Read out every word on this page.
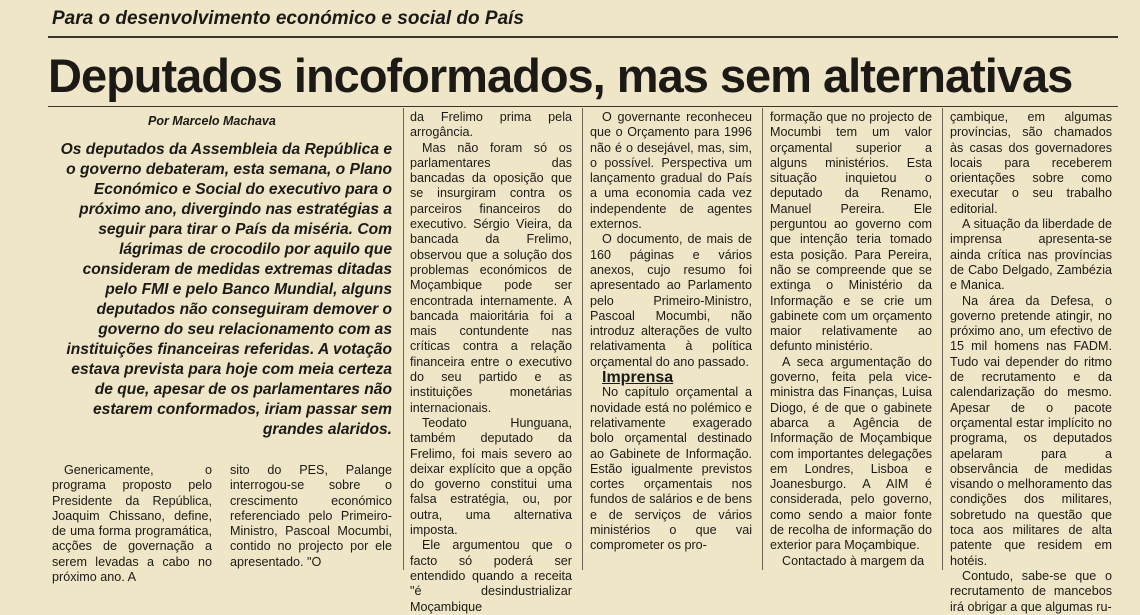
Para o desenvolvimento económico e social do País
Deputados incoformados, mas sem alternativas
Por Marcelo Machava
Os deputados da Assembleia da República e o governo debateram, esta semana, o Plano Económico e Social do executivo para o próximo ano, divergindo nas estratégias a seguir para tirar o País da miséria. Com lágrimas de crocodilo por aquilo que consideram de medidas extremas ditadas pelo FMI e pelo Banco Mundial, alguns deputados não conseguiram demover o governo do seu relacionamento com as instituições financeiras referidas. A votação estava prevista para hoje com meia certeza de que, apesar de os parlamentares não estarem conformados, iriam passar sem grandes alaridos.

Genericamente, o programa proposto pelo Presidente da República, Joaquim Chissano, define, de uma forma programática, acções de governação a serem levadas a cabo no próximo ano. A

sito do PES, Palange interrogou-se sobre o crescimento económico referenciado pelo Primeiro-Ministro, Pascoal Mocumbi, contido no projecto por ele apresentado. "O

da Frelimo prima pela arrogância.

Mas não foram só os parlamentares das bancadas da oposição que se insurgiram contra os parceiros financeiros do executivo. Sérgio Vieira, da bancada da Frelimo, observou que a solução dos problemas económicos de Moçambique pode ser encontrada internamente. A bancada maioritária foi a mais contundente nas críticas contra a relação financeira entre o executivo do seu partido e as instituições monetárias internacionais.

Teodato Hunguana, também deputado da Frelimo, foi mais severo ao deixar explícito que a opção do governo constitui uma falsa estratégia, ou, por outra, uma alternativa imposta.

Ele argumentou que o facto só poderá ser entendido quando a receita "é desindustrializar Moçambique

O governante reconheceu que o Orçamento para 1996 não é o desejável, mas, sim, o possível. Perspectiva um lançamento gradual do País a uma economia cada vez independente de agentes externos.

O documento, de mais de 160 páginas e vários anexos, cujo resumo foi apresentado ao Parlamento pelo Primeiro-Ministro, Pascoal Mocumbi, não introduz alterações de vulto relativamenta à política orçamental do ano passado.

Imprensa

No capítulo orçamental a novidade está no polémico e relativamente exagerado bolo orçamental destinado ao Gabinete de Informação. Estão igualmente previstos cortes orçamentais nos fundos de salários e de bens e de serviços de vários ministérios o que vai comprometer os pro-

formação que no projecto de Mocumbi tem um valor orçamental superior a alguns ministérios. Esta situação inquietou o deputado da Renamo, Manuel Pereira. Ele perguntou ao governo com que intenção teria tomado esta posição. Para Pereira, não se compreende que se extinga o Ministério da Informação e se crie um gabinete com um orçamento maior relativamente ao defunto ministério.

A seca argumentação do governo, feita pela vice-ministra das Finanças, Luisa Diogo, é de que o gabinete abarca a Agência de Informação de Moçambique com importantes delegações em Londres, Lisboa e Joanesburgo. A AIM é considerada, pelo governo, como sendo a maior fonte de recolha de informação do exterior para Moçambique.

Contactado à margem da

çambique, em algumas províncias, são chamados às casas dos governadores locais para receberem orientações sobre como executar o seu trabalho editorial.

A situação da liberdade de imprensa apresenta-se ainda crítica nas províncias de Cabo Delgado, Zambézia e Manica.

Na área da Defesa, o governo pretende atingir, no próximo ano, um efectivo de 15 mil homens nas FADM. Tudo vai depender do ritmo de recrutamento e da calendarização do mesmo. Apesar de o pacote orçamental estar implícito no programa, os deputados apelaram para a observância de medidas visando o melhoramento das condições dos militares, sobretudo na questão que toca aos militares de alta patente que residem em hotéis.

Contudo, sabe-se que o recrutamento de mancebos irá obrigar a que algumas ru-
